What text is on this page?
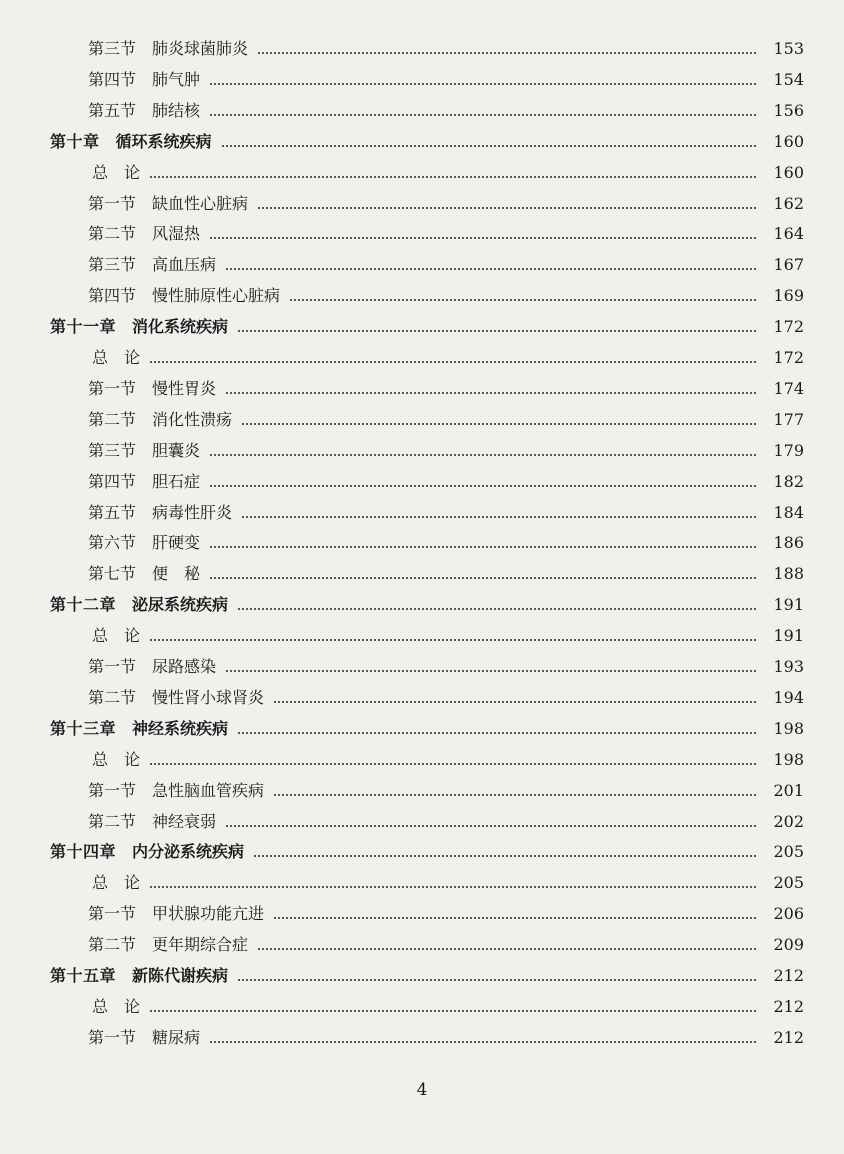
第三节 肺炎球菌肺炎	153
第四节 肺气肿	154
第五节 肺结核	156
第十章 循环系统疾病	160
总　论	160
第一节 缺血性心脏病	162
第二节 风湿热	164
第三节 高血压病	167
第四节 慢性肺原性心脏病	169
第十一章 消化系统疾病	172
总　论	172
第一节 慢性胃炎	174
第二节 消化性溃疡	177
第三节 胆囊炎	179
第四节 胆石症	182
第五节 病毒性肝炎	184
第六节 肝硬变	186
第七节 便　秘	188
第十二章 泌尿系统疾病	191
总　论	191
第一节 尿路感染	193
第二节 慢性肾小球肾炎	194
第十三章 神经系统疾病	198
总　论	198
第一节 急性脑血管疾病	201
第二节 神经衰弱	202
第十四章 内分泌系统疾病	205
总　论	205
第一节 甲状腺功能亢进	206
第二节 更年期综合症	209
第十五章 新陈代谢疾病	212
总　论	212
第一节 糖尿病	212
4
